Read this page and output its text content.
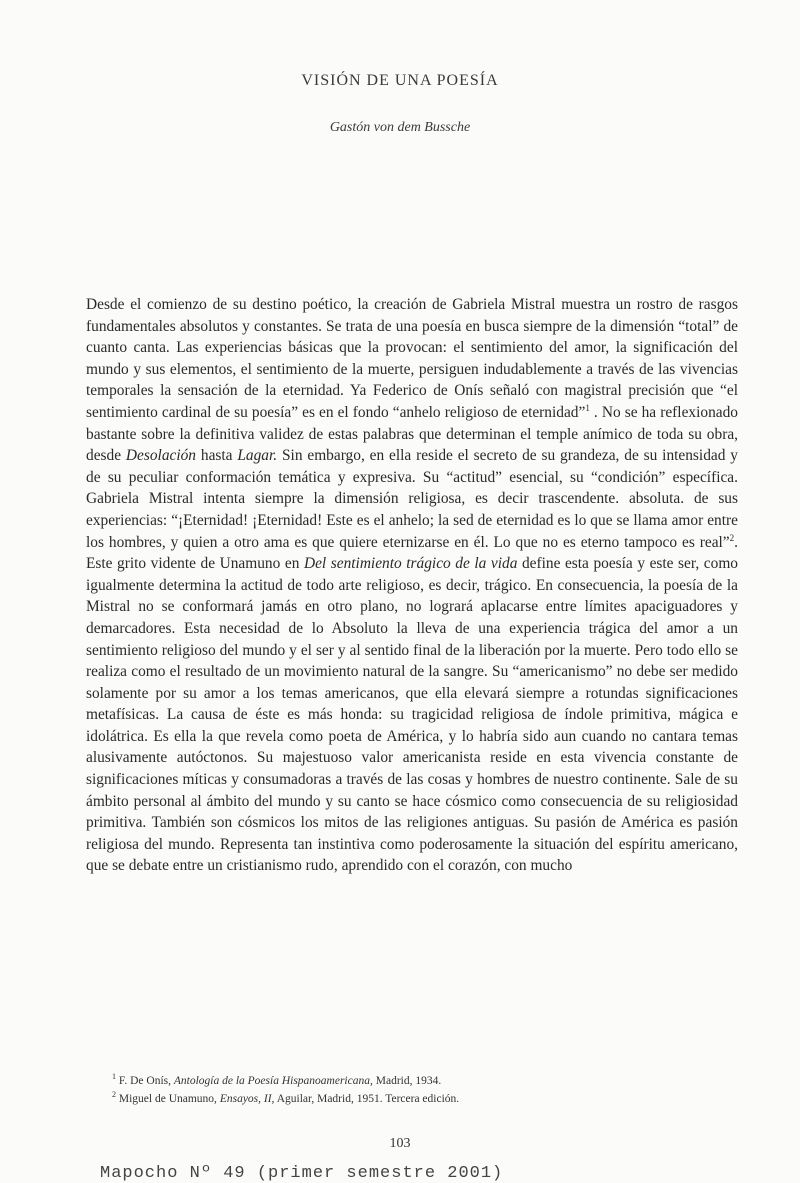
VISIÓN DE UNA POESÍA
Gastón von dem Bussche
Desde el comienzo de su destino poético, la creación de Gabriela Mistral muestra un rostro de rasgos fundamentales absolutos y constantes. Se trata de una poesía en busca siempre de la dimensión “total” de cuanto canta. Las experiencias básicas que la provocan: el sentimiento del amor, la significación del mundo y sus elementos, el sentimiento de la muerte, persiguen indudablemente a través de las vivencias temporales la sensación de la eternidad. Ya Federico de Onís señaló con magistral precisión que “el sentimiento cardinal de su poesía” es en el fondo “anhelo religioso de eternidad”$^1$ . No se ha reflexionado bastante sobre la definitiva validez de estas palabras que determinan el temple anímico de toda su obra, desde Desolación hasta Lagar. Sin embargo, en ella reside el secreto de su grandeza, de su intensidad y de su peculiar conformación temática y expresiva. Su “actitud” esencial, su “condición” específica. Gabriela Mistral intenta siempre la dimensión religiosa, es decir trascendente. absoluta. de sus experiencias: “¡Eternidad! ¡Eternidad! Este es el anhelo; la sed de eternidad es lo que se llama amor entre los hombres, y quien a otro ama es que quiere eternizarse en él. Lo que no es eterno tampoco es real”$^2$. Este grito vidente de Unamuno en Del sentimiento trágico de la vida define esta poesía y este ser, como igualmente determina la actitud de todo arte religioso, es decir, trágico. En consecuencia, la poesía de la Mistral no se conformará jamás en otro plano, no logrará aplacarse entre límites apaciguadores y demarcadores. Esta necesidad de lo Absoluto la lleva de una experiencia trágica del amor a un sentimiento religioso del mundo y el ser y al sentido final de la liberación por la muerte. Pero todo ello se realiza como el resultado de un movimiento natural de la sangre. Su “americanismo” no debe ser medido solamente por su amor a los temas americanos, que ella elevará siempre a rotundas significaciones metafísicas. La causa de éste es más honda: su tragicidad religiosa de índole primitiva, mágica e idolátrica. Es ella la que revela como poeta de América, y lo habría sido aun cuando no cantara temas alusivamente autóctonos. Su majestuoso valor americanista reside en esta vivencia constante de significaciones míticas y consumadoras a través de las cosas y hombres de nuestro continente. Sale de su ámbito personal al ámbito del mundo y su canto se hace cósmico como consecuencia de su religiosidad primitiva. También son cósmicos los mitos de las religiones antiguas. Su pasión de América es pasión religiosa del mundo. Representa tan instintiva como poderosamente la situación del espíritu americano, que se debate entre un cristianismo rudo, aprendido con el corazón, con mucho
$^1$ F. De Onís, Antología de la Poesía Hispanoamericana, Madrid, 1934.
$^2$ Miguel de Unamuno, Ensayos, II, Aguilar, Madrid, 1951. Tercera edición.
103
Mapocho Nº 49 (primer semestre 2001)
